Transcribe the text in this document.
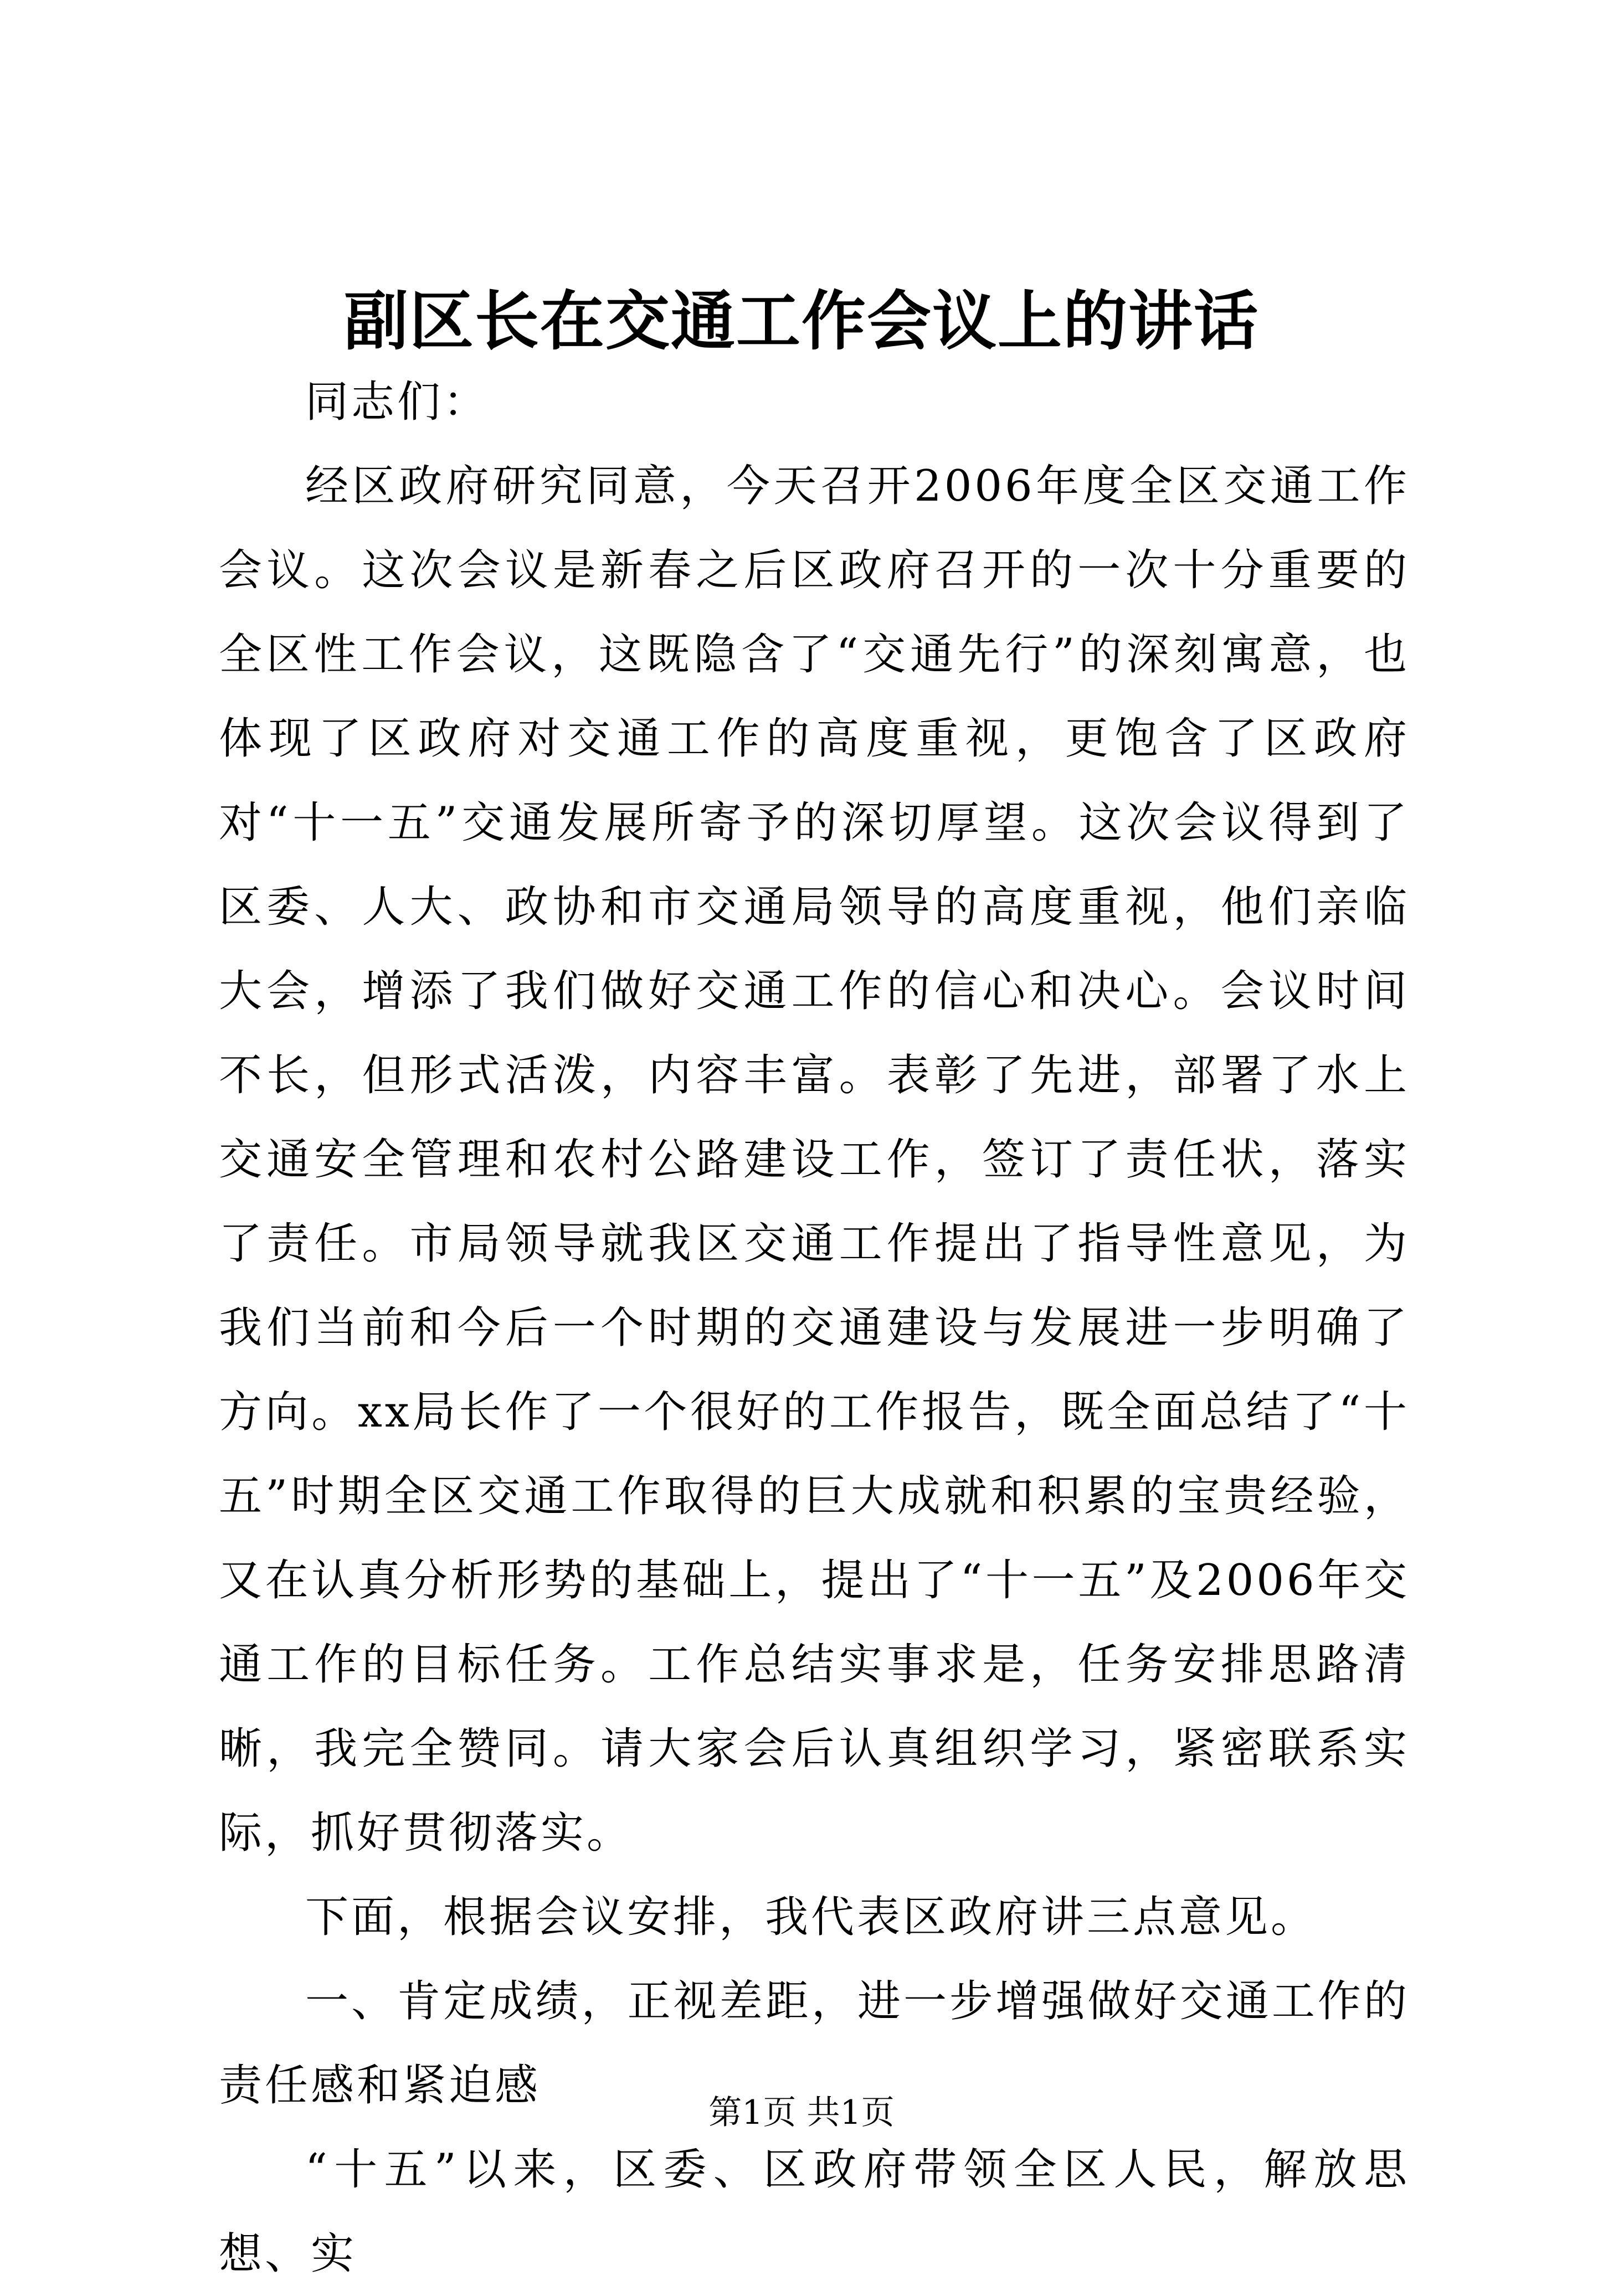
副区长在交通工作会议上的讲话

同志们：

经区政府研究同意，今天召开2006年度全区交通工作会议。这次会议是新春之后区政府召开的一次十分重要的全区性工作会议，这既隐含了“交通先行”的深刻寓意，也体现了区政府对交通工作的高度重视，更饱含了区政府对“十一五”交通发展所寄予的深切厚望。这次会议得到了区委、人大、政协和市交通局领导的高度重视，他们亲临大会，增添了我们做好交通工作的信心和决心。会议时间不长，但形式活泼，内容丰富。表彰了先进，部署了水上交通安全管理和农村公路建设工作，签订了责任状，落实了责任。市局领导就我区交通工作提出了指导性意见，为我们当前和今后一个时期的交通建设与发展进一步明确了方向。xx局长作了一个很好的工作报告，既全面总结了“十五”时期全区交通工作取得的巨大成就和积累的宝贵经验，又在认真分析形势的基础上，提出了“十一五”及2006年交通工作的目标任务。工作总结实事求是，任务安排思路清晰，我完全赞同。请大家会后认真组织学习，紧密联系实际，抓好贯彻落实。

下面，根据会议安排，我代表区政府讲三点意见。

一、肯定成绩，正视差距，进一步增强做好交通工作的责任感和紧迫感

“十五”以来，区委、区政府带领全区人民，解放思想、实

第1页 共1页
